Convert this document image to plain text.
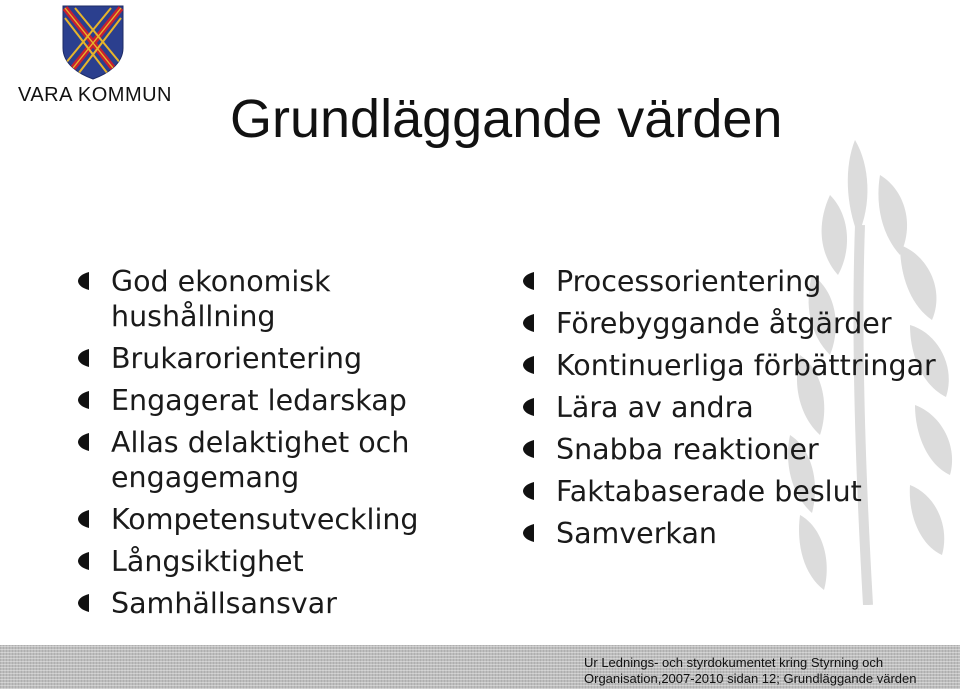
VARA KOMMUN Grundläggande värden
God ekonomisk hushållning
Brukarorientering
Engagerat ledarskap
Allas delaktighet och engagemang
Kompetensutveckling
Långsiktighet
Samhällsansvar
Processorientering
Förebyggande åtgärder
Kontinuerliga förbättringar
Lära av andra
Snabba reaktioner
Faktabaserade beslut
Samverkan
Ur Lednings- och styrdokumentet kring Styrning och
Organisation,2007-2010 sidan 12; Grundläggande värden
